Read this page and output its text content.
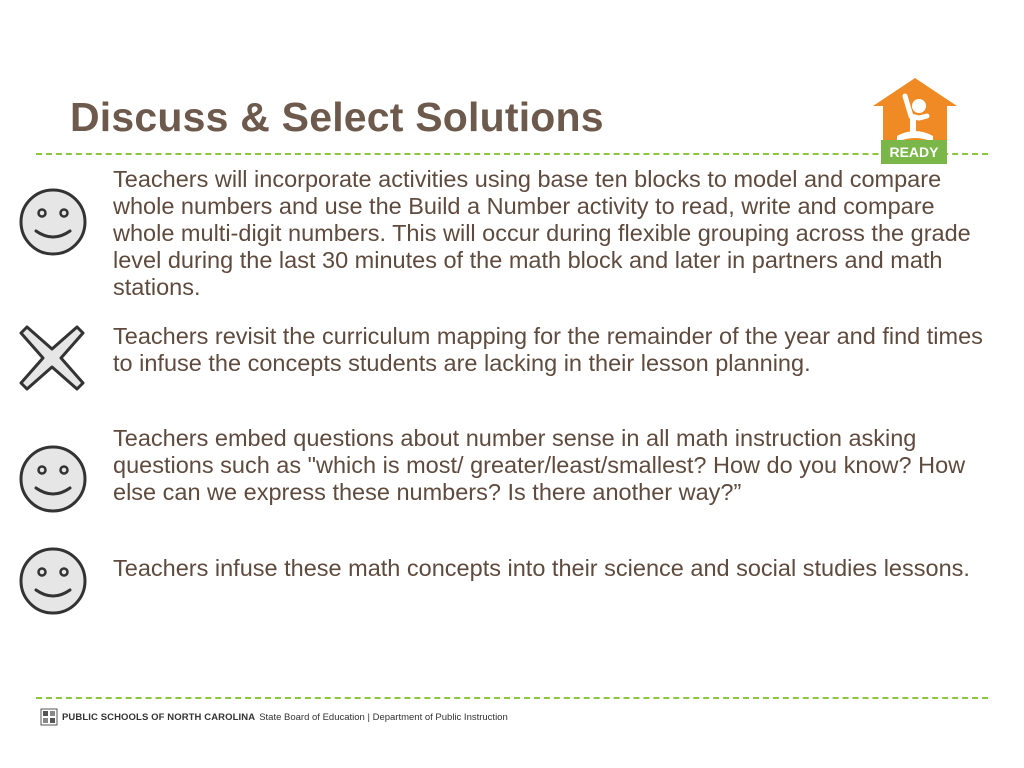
Discuss & Select Solutions
READY

Teachers will incorporate activities using base ten blocks to model and compare whole numbers and use the Build a Number activity to read, write and compare whole multi-digit numbers. This will occur during flexible grouping across the grade level during the last 30 minutes of the math block and later in partners and math stations.

Teachers revisit the curriculum mapping for the remainder of the year and find times to infuse the concepts students are lacking in their lesson planning.

Teachers embed questions about number sense in all math instruction asking questions such as "which is most/ greater/least/smallest? How do you know? How else can we express these numbers? Is there another way?”

Teachers infuse these math concepts into their science and social studies lessons.

PUBLIC SCHOOLS OF NORTH CAROLINA State Board of Education | Department of Public Instruction
